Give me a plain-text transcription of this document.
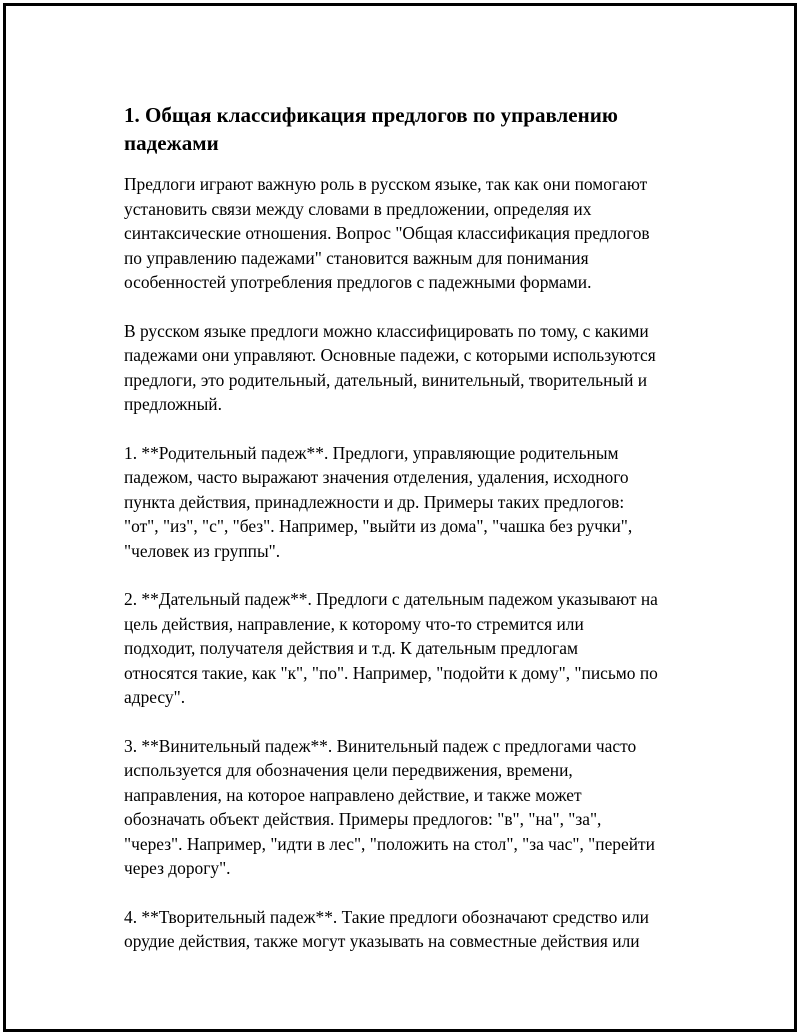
1. Общая классификация предлогов по управлению падежами

Предлоги играют важную роль в русском языке, так как они помогают
установить связи между словами в предложении, определяя их
синтаксические отношения. Вопрос "Общая классификация предлогов
по управлению падежами" становится важным для понимания
особенностей употребления предлогов с падежными формами.

В русском языке предлоги можно классифицировать по тому, с какими
падежами они управляют. Основные падежи, с которыми используются
предлоги, это родительный, дательный, винительный, творительный и
предложный.

1. **Родительный падеж**. Предлоги, управляющие родительным
падежом, часто выражают значения отделения, удаления, исходного
пункта действия, принадлежности и др. Примеры таких предлогов:
"от", "из", "с", "без". Например, "выйти из дома", "чашка без ручки",
"человек из группы".

2. **Дательный падеж**. Предлоги с дательным падежом указывают на
цель действия, направление, к которому что-то стремится или
подходит, получателя действия и т.д. К дательным предлогам
относятся такие, как "к", "по". Например, "подойти к дому", "письмо по
адресу".

3. **Винительный падеж**. Винительный падеж с предлогами часто
используется для обозначения цели передвижения, времени,
направления, на которое направлено действие, и также может
обозначать объект действия. Примеры предлогов: "в", "на", "за",
"через". Например, "идти в лес", "положить на стол", "за час", "перейти
через дорогу".

4. **Творительный падеж**. Такие предлоги обозначают средство или
орудие действия, также могут указывать на совместные действия или
